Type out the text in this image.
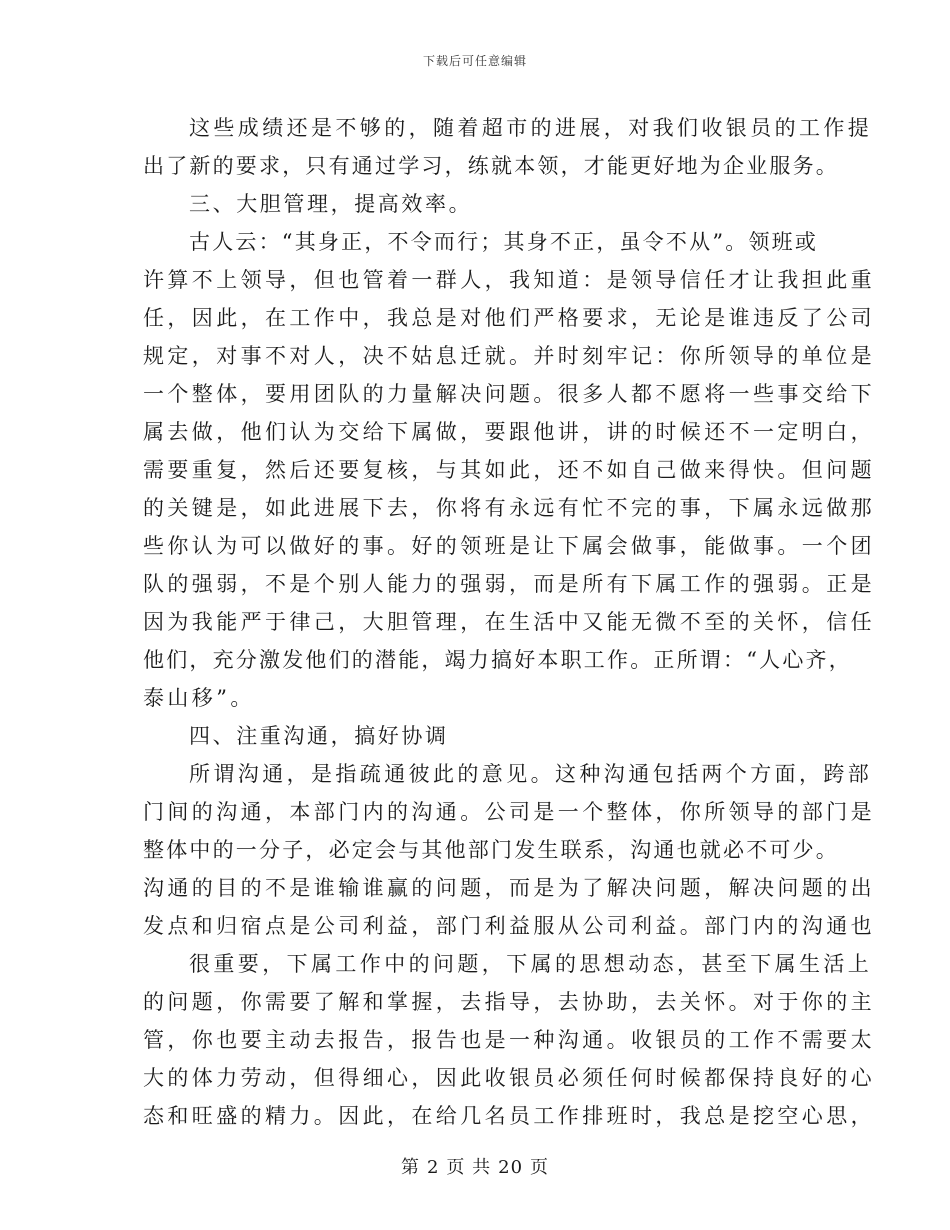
下载后可任意编辑
这些成绩还是不够的，随着超市的进展，对我们收银员的工作提
出了新的要求，只有通过学习，练就本领，才能更好地为企业服务。
三、大胆管理，提高效率。
古人云：“其身正，不令而行；其身不正，虽令不从”。领班或
许算不上领导，但也管着一群人，我知道：是领导信任才让我担此重
任，因此，在工作中，我总是对他们严格要求，无论是谁违反了公司
规定，对事不对人，决不姑息迁就。并时刻牢记：你所领导的单位是
一个整体，要用团队的力量解决问题。很多人都不愿将一些事交给下
属去做，他们认为交给下属做，要跟他讲，讲的时候还不一定明白，
需要重复，然后还要复核，与其如此，还不如自己做来得快。但问题
的关键是，如此进展下去，你将有永远有忙不完的事，下属永远做那
些你认为可以做好的事。好的领班是让下属会做事，能做事。一个团
队的强弱，不是个别人能力的强弱，而是所有下属工作的强弱。正是
因为我能严于律己，大胆管理，在生活中又能无微不至的关怀，信任
他们，充分激发他们的潜能，竭力搞好本职工作。正所谓：“人心齐，
泰山移”。
四、注重沟通，搞好协调
所谓沟通，是指疏通彼此的意见。这种沟通包括两个方面，跨部
门间的沟通，本部门内的沟通。公司是一个整体，你所领导的部门是
整体中的一分子，必定会与其他部门发生联系，沟通也就必不可少。
沟通的目的不是谁输谁赢的问题，而是为了解决问题，解决问题的出
发点和归宿点是公司利益，部门利益服从公司利益。部门内的沟通也
很重要，下属工作中的问题，下属的思想动态，甚至下属生活上
的问题，你需要了解和掌握，去指导，去协助，去关怀。对于你的主
管，你也要主动去报告，报告也是一种沟通。收银员的工作不需要太
大的体力劳动，但得细心，因此收银员必须任何时候都保持良好的心
态和旺盛的精力。因此，在给几名员工作排班时，我总是挖空心思，
第 2 页 共 20 页
